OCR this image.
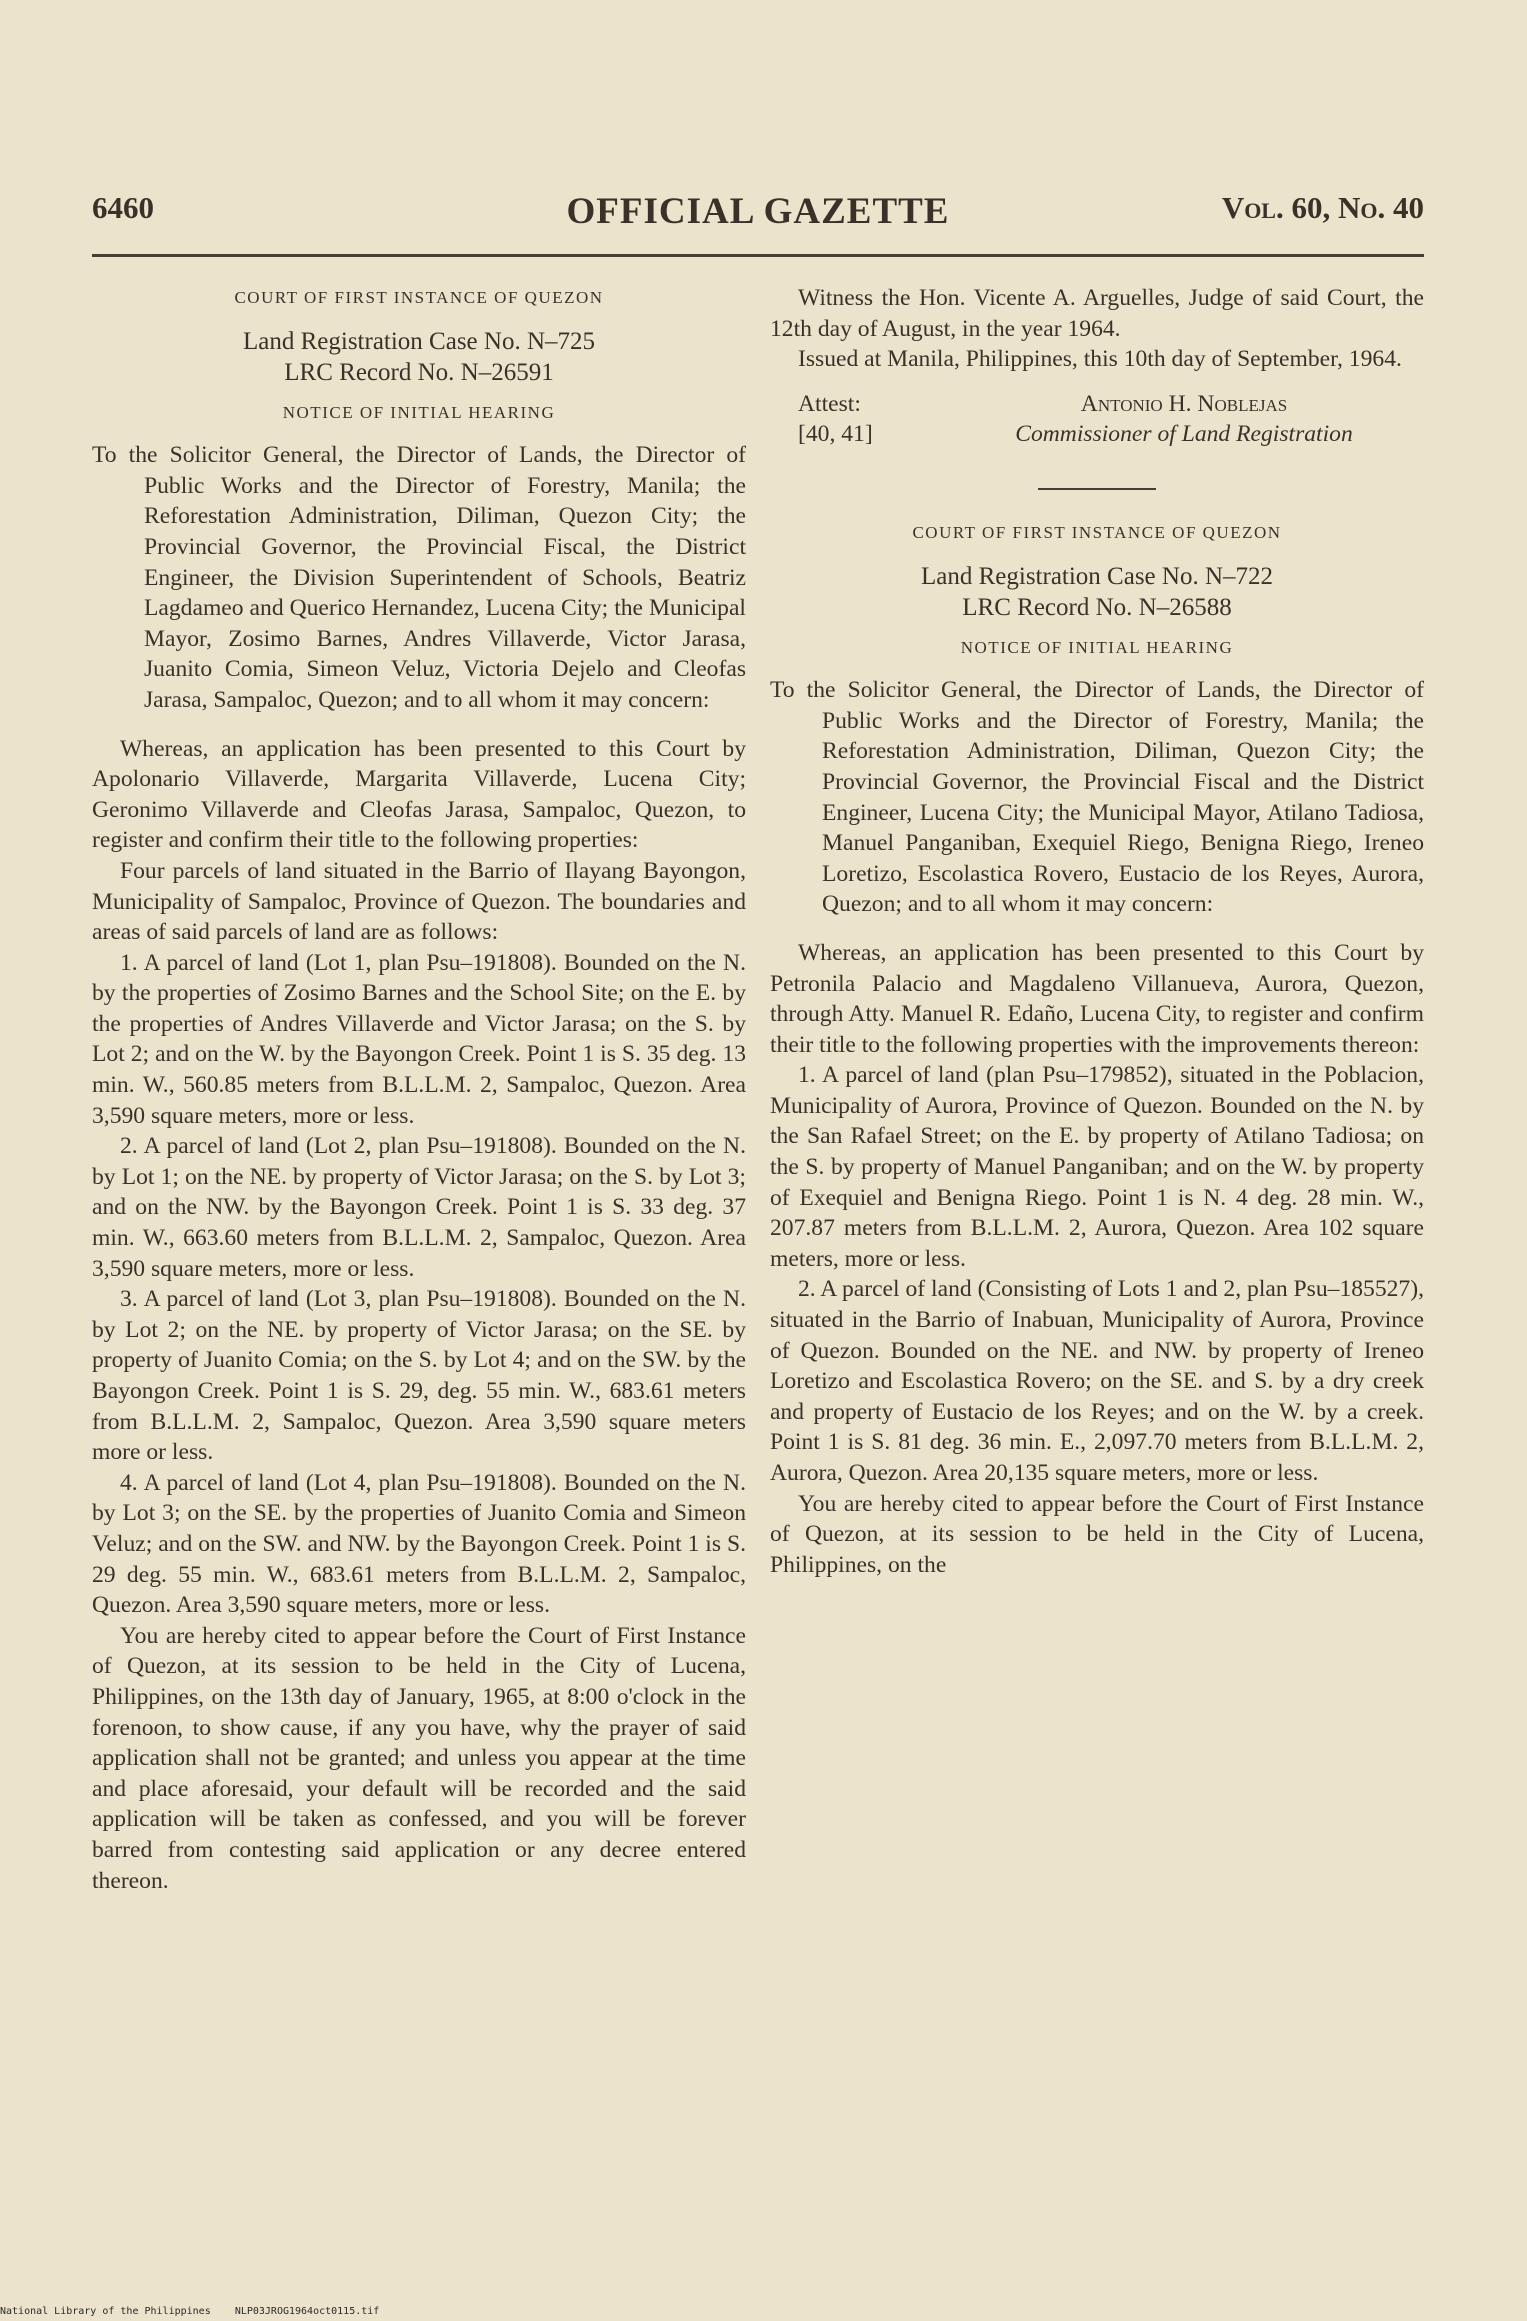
6460	OFFICIAL GAZETTE	Vol. 60, No. 40
COURT OF FIRST INSTANCE OF QUEZON
Land Registration Case No. N–725
LRC Record No. N–26591
NOTICE OF INITIAL HEARING
To the Solicitor General, the Director of Lands, the Director of Public Works and the Director of Forestry, Manila; the Reforestation Administration, Diliman, Quezon City; the Provincial Governor, the Provincial Fiscal, the District Engineer, the Division Superintendent of Schools, Beatriz Lagdameo and Querico Hernandez, Lucena City; the Municipal Mayor, Zosimo Barnes, Andres Villaverde, Victor Jarasa, Juanito Comia, Simeon Veluz, Victoria Dejelo and Cleofas Jarasa, Sampaloc, Quezon; and to all whom it may concern:

Whereas, an application has been presented to this Court by Apolonario Villaverde, Margarita Villaverde, Lucena City; Geronimo Villaverde and Cleofas Jarasa, Sampaloc, Quezon, to register and confirm their title to the following properties:

Four parcels of land situated in the Barrio of Ilayang Bayongon, Municipality of Sampaloc, Province of Quezon. The boundaries and areas of said parcels of land are as follows:

1. A parcel of land (Lot 1, plan Psu–191808). Bounded on the N. by the properties of Zosimo Barnes and the School Site; on the E. by the properties of Andres Villaverde and Victor Jarasa; on the S. by Lot 2; and on the W. by the Bayongon Creek. Point 1 is S. 35 deg. 13 min. W., 560.85 meters from B.L.L.M. 2, Sampaloc, Quezon. Area 3,590 square meters, more or less.

2. A parcel of land (Lot 2, plan Psu–191808). Bounded on the N. by Lot 1; on the NE. by property of Victor Jarasa; on the S. by Lot 3; and on the NW. by the Bayongon Creek. Point 1 is S. 33 deg. 37 min. W., 663.60 meters from B.L.L.M. 2, Sampaloc, Quezon. Area 3,590 square meters, more or less.

3. A parcel of land (Lot 3, plan Psu–191808). Bounded on the N. by Lot 2; on the NE. by property of Victor Jarasa; on the SE. by property of Juanito Comia; on the S. by Lot 4; and on the SW. by the Bayongon Creek. Point 1 is S. 29, deg. 55 min. W., 683.61 meters from B.L.L.M. 2, Sampaloc, Quezon. Area 3,590 square meters more or less.

4. A parcel of land (Lot 4, plan Psu–191808). Bounded on the N. by Lot 3; on the SE. by the properties of Juanito Comia and Simeon Veluz; and on the SW. and NW. by the Bayongon Creek. Point 1 is S. 29 deg. 55 min. W., 683.61 meters from B.L.L.M. 2, Sampaloc, Quezon. Area 3,590 square meters, more or less.

You are hereby cited to appear before the Court of First Instance of Quezon, at its session to be held in the City of Lucena, Philippines, on the 13th day of January, 1965, at 8:00 o'clock in the forenoon, to show cause, if any you have, why the prayer of said application shall not be granted; and unless you appear at the time and place aforesaid, your default will be recorded and the said application will be taken as confessed, and you will be forever barred from contesting said application or any decree entered thereon.

Witness the Hon. Vicente A. Arguelles, Judge of said Court, the 12th day of August, in the year 1964.

Issued at Manila, Philippines, this 10th day of September, 1964.

Attest:	Antonio H. Noblejas
[40, 41]	Commissioner of Land Registration
COURT OF FIRST INSTANCE OF QUEZON
Land Registration Case No. N–722
LRC Record No. N–26588
NOTICE OF INITIAL HEARING
To the Solicitor General, the Director of Lands, the Director of Public Works and the Director of Forestry, Manila; the Reforestation Administration, Diliman, Quezon City; the Provincial Governor, the Provincial Fiscal and the District Engineer, Lucena City; the Municipal Mayor, Atilano Tadiosa, Manuel Panganiban, Exequiel Riego, Benigna Riego, Ireneo Loretizo, Escolastica Rovero, Eustacio de los Reyes, Aurora, Quezon; and to all whom it may concern:

Whereas, an application has been presented to this Court by Petronila Palacio and Magdaleno Villanueva, Aurora, Quezon, through Atty. Manuel R. Edaño, Lucena City, to register and confirm their title to the following properties with the improvements thereon:

1. A parcel of land (plan Psu–179852), situated in the Poblacion, Municipality of Aurora, Province of Quezon. Bounded on the N. by the San Rafael Street; on the E. by property of Atilano Tadiosa; on the S. by property of Manuel Panganiban; and on the W. by property of Exequiel and Benigna Riego. Point 1 is N. 4 deg. 28 min. W., 207.87 meters from B.L.L.M. 2, Aurora, Quezon. Area 102 square meters, more or less.

2. A parcel of land (Consisting of Lots 1 and 2, plan Psu–185527), situated in the Barrio of Inabuan, Municipality of Aurora, Province of Quezon. Bounded on the NE. and NW. by property of Ireneo Loretizo and Escolastica Rovero; on the SE. and S. by a dry creek and property of Eustacio de los Reyes; and on the W. by a creek. Point 1 is S. 81 deg. 36 min. E., 2,097.70 meters from B.L.L.M. 2, Aurora, Quezon. Area 20,135 square meters, more or less.

You are hereby cited to appear before the Court of First Instance of Quezon, at its session to be held in the City of Lucena, Philippines, on the

National Library of the Philippines NLP03JROG1964oct0115.tif
